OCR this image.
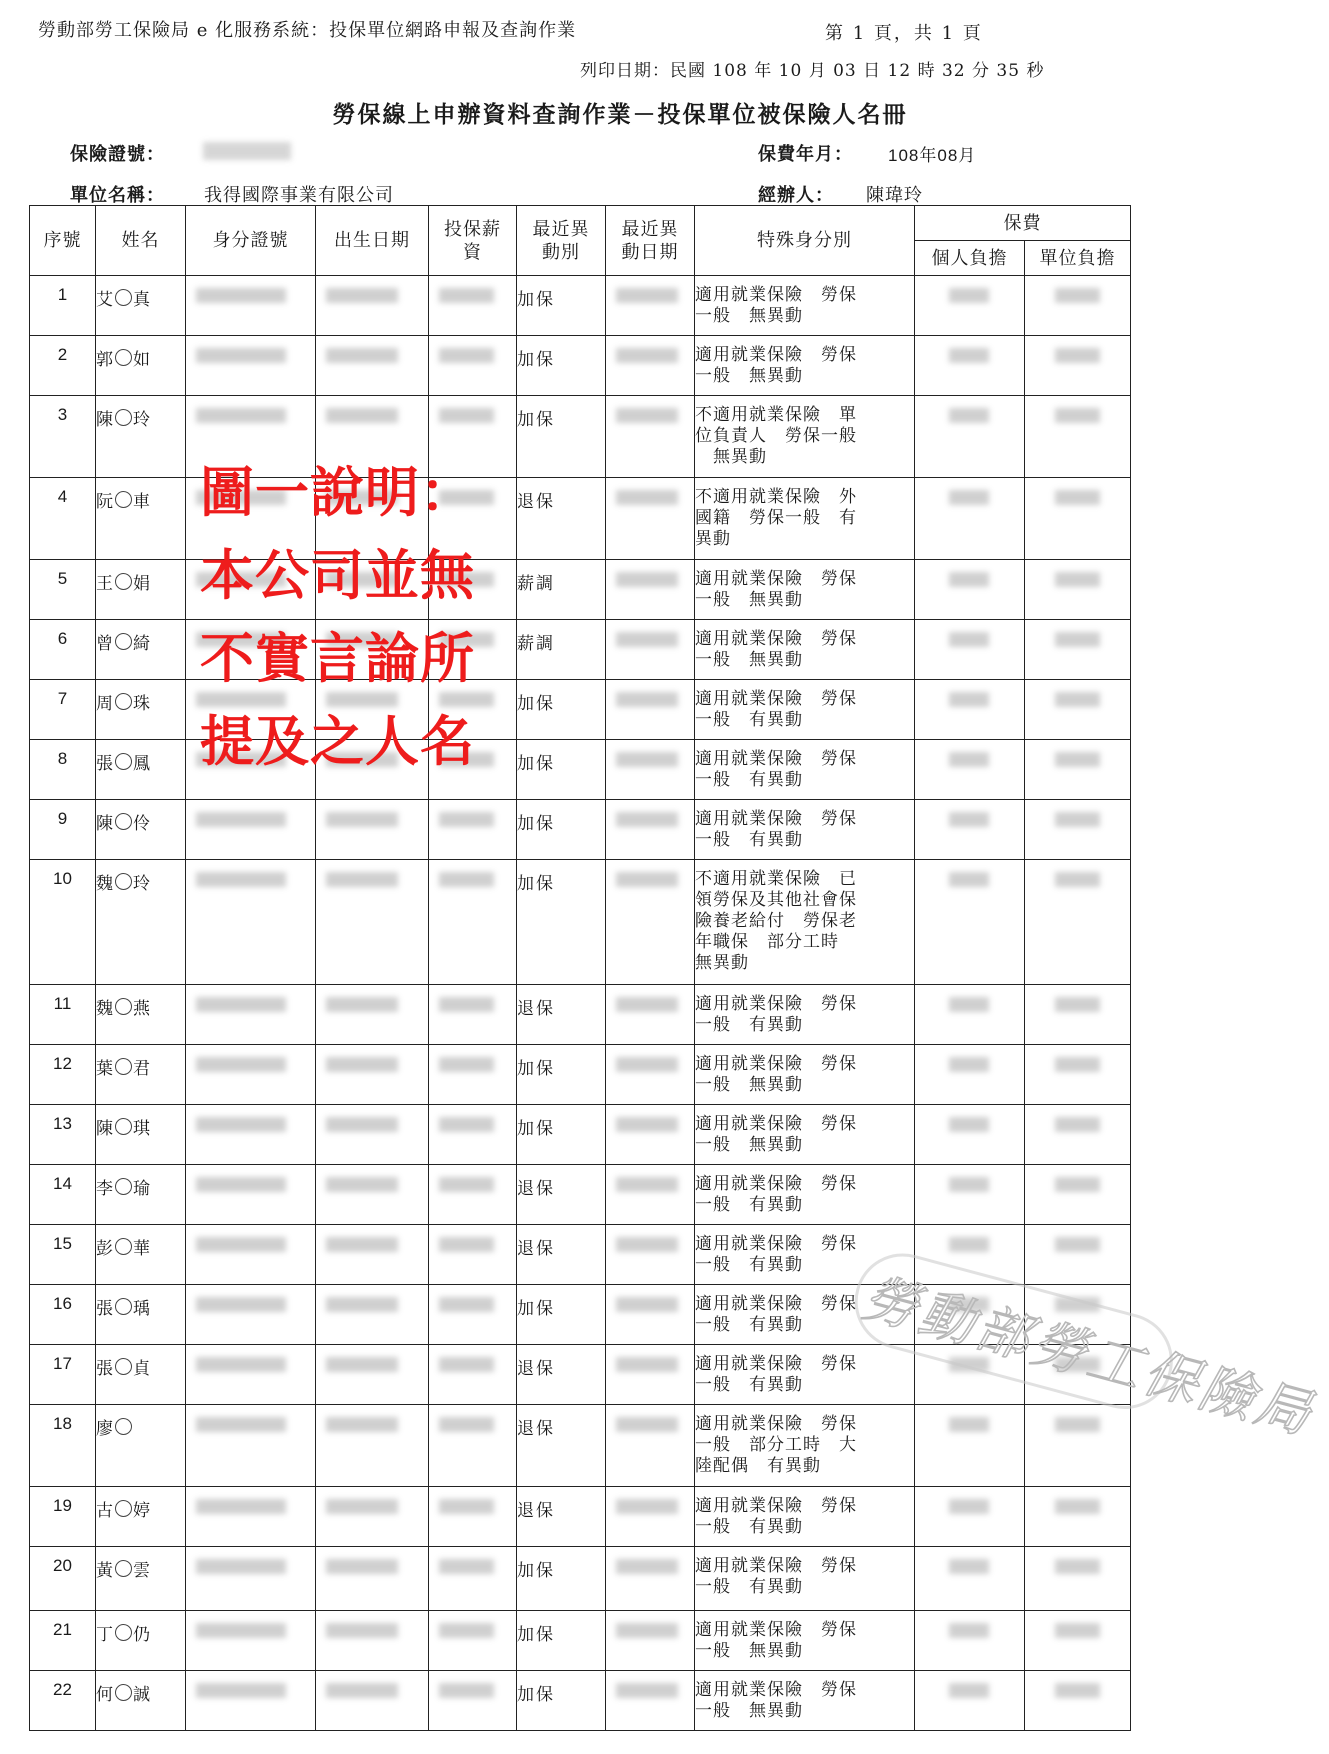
勞動部勞工保險局 e 化服務系統：投保單位網路申報及查詢作業	第 1 頁，共 1 頁
列印日期：民國 108 年 10 月 03 日 12 時 32 分 35 秒
勞保線上申辦資料查詢作業－投保單位被保險人名冊
保險證號：	保費年月： 108年08月
單位名稱： 我得國際事業有限公司	經辦人： 陳瑋玲
序號	姓名	身分證號	出生日期	投保薪資	最近異動別	最近異動日期	特殊身分別	保費	
								個人負擔	單位負擔
1	艾 真				加保		適用就業保險　勞保
一般　無異動	

2	郭 如				加保		適用就業保險　勞保
一般　無異動	

3	陳 玲				加保		不適用就業保險　單
位負責人　勞保一般
　無異動	

4	阮 車				退保		不適用就業保險　外
國籍　勞保一般　有
異動	

5	王 娟				薪調		適用就業保險　勞保
一般　無異動	

6	曾 綺				薪調		適用就業保險　勞保
一般　無異動	

7	周 珠				加保		適用就業保險　勞保
一般　有異動	

8	張 鳳				加保		適用就業保險　勞保
一般　有異動	

9	陳 伶				加保		適用就業保險　勞保
一般　有異動	

10	魏 玲				加保		不適用就業保險　已
領勞保及其他社會保
險養老給付　勞保老
年職保　部分工時
無異動	

11	魏 燕				退保		適用就業保險　勞保
一般　有異動	

12	葉 君				加保		適用就業保險　勞保
一般　無異動	

13	陳 琪				加保		適用就業保險　勞保
一般　無異動	

14	李 瑜				退保		適用就業保險　勞保
一般　有異動	

15	彭 華				退保		適用就業保險　勞保
一般　有異動	

16	張 瑀				加保		適用就業保險　勞保
一般　有異動	

17	張 貞				退保		適用就業保險　勞保
一般　有異動	

18	廖				退保		適用就業保險　勞保
一般　部分工時　大
陸配偶　有異動	

19	古 婷				退保		適用就業保險　勞保
一般　有異動	

20	黃 雲				加保		適用就業保險　勞保
一般　有異動	

21	丁 仍				加保		適用就業保險　勞保
一般　無異動	

22	何 誠				加保		適用就業保險　勞保
一般　無異動	

圖一說明：
本公司並無
不實言論所
提及之人名
勞動部勞工保險局
